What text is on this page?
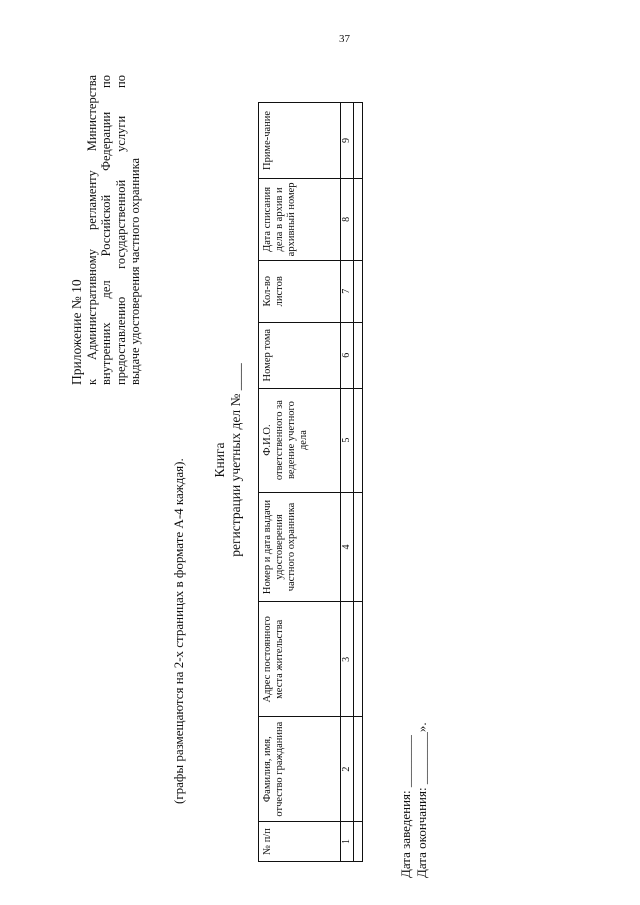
37
Приложение № 10 к Административному регламенту Министерства внутренних дел Российской Федерации по предоставлению государственной услуги по выдаче удостоверения частного охранника
(графы размещаются на 2-х страницах в формате А-4 каждая). Книга регистрации учетных дел № ____
№ п/п	Фамилия, имя, отчество гражданина	Адрес постоянного места жительства	Номер и дата выдачи удостоверения частного охранника	Ф.И.О. ответственного за ведение учетного дела	Номер тома	Кол-во листов	Дата списания дела в архив и архивный номер	Приме-чание
1	2	3	4	5	6	7	8	9

Дата заведения: ________ Дата окончания: ________».
